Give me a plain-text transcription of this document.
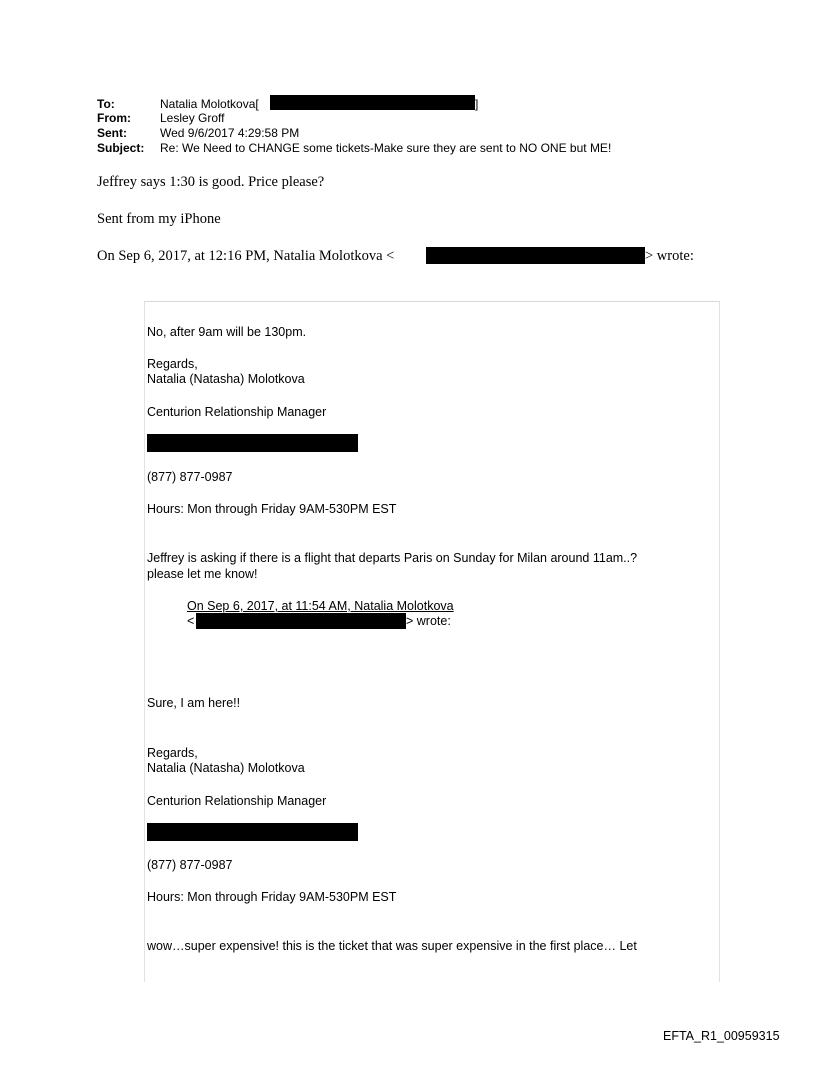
To:	Natalia Molotkova[	]
From: Lesley Groff
Sent:	Wed 9/6/2017 4:29:58 PM
Subject: Re: We Need to CHANGE some tickets-Make sure they are sent to NO ONE but ME!
Jeffrey says 1:30 is good. Price please?
Sent from my iPhone
On Sep 6, 2017, at 12:16 PM, Natalia Molotkova <	> wrote:
No, after 9am will be 130pm.
Regards,
Natalia (Natasha) Molotkova
Centurion Relationship Manager
(877) 877-0987
Hours: Mon through Friday 9AM-530PM EST
Jeffrey is asking if there is a flight that departs Paris on Sunday for Milan around 11am..?
please let me know!
On Sep 6, 2017, at 11:54 AM, Natalia Molotkova
<	> wrote:
Sure, I am here!!
Regards,
Natalia (Natasha) Molotkova
Centurion Relationship Manager
(877) 877-0987
Hours: Mon through Friday 9AM-530PM EST
wow…super expensive! this is the ticket that was super expensive in the first place… Let
EFTA_R1_00959315
